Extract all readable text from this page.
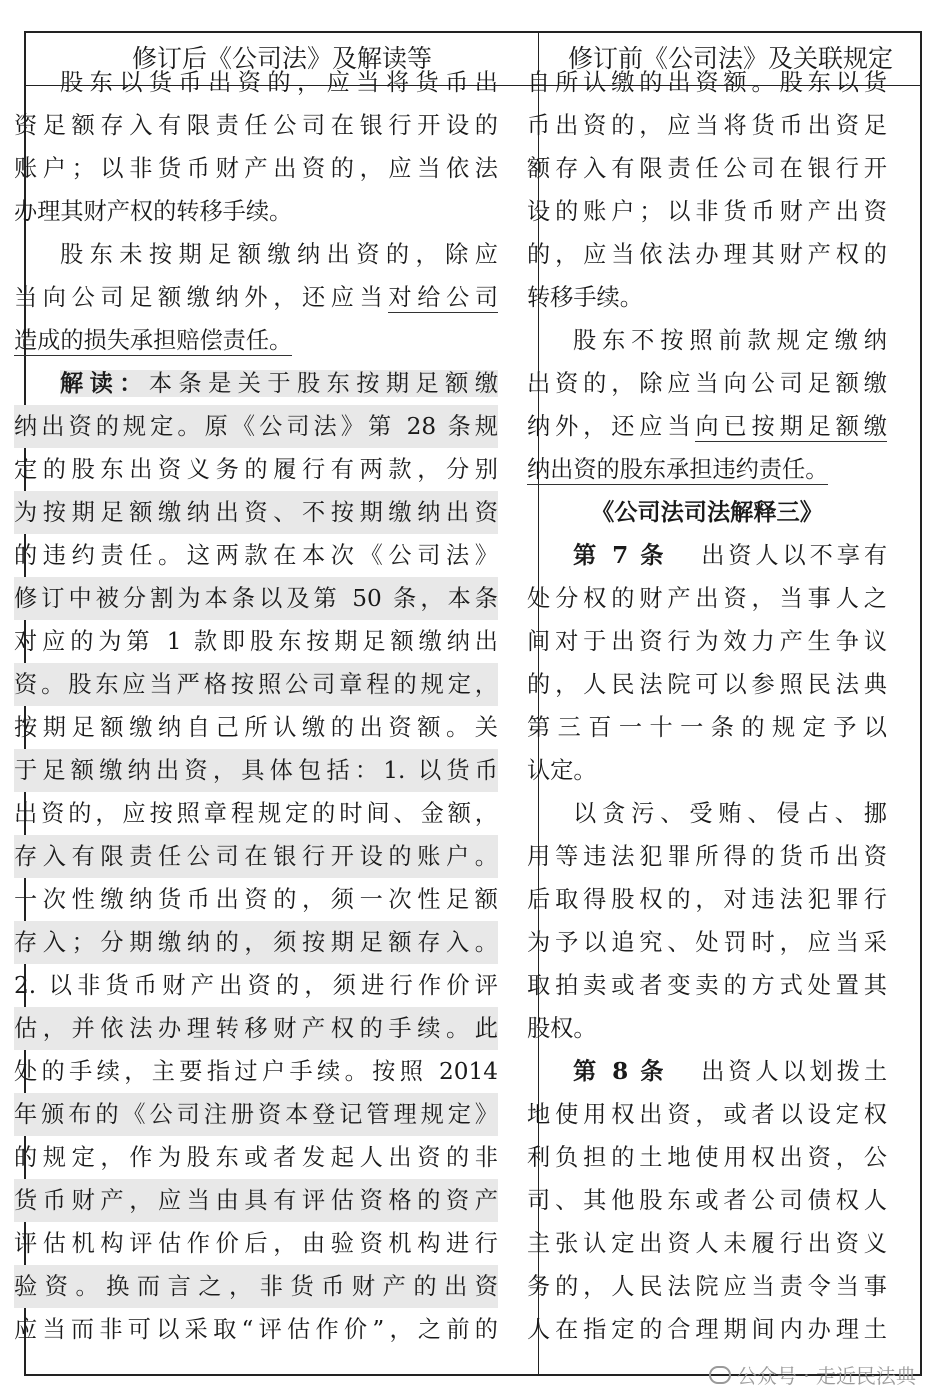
修订后《公司法》及解读等	修订前《公司法》及关联规定
股东以货币出资的，应当将货币出
资足额存入有限责任公司在银行开设的
账户；以非货币财产出资的，应当依法
办理其财产权的转移手续。
股东未按期足额缴纳出资的，除应
当向公司足额缴纳外，还应当对给公司
造成的损失承担赔偿责任。
解读：本条是关于股东按期足额缴
纳出资的规定。原《公司法》第 28 条规
定的股东出资义务的履行有两款，分别
为按期足额缴纳出资、不按期缴纳出资
的违约责任。这两款在本次《公司法》
修订中被分割为本条以及第 50 条，本条
对应的为第 1 款即股东按期足额缴纳出
资。股东应当严格按照公司章程的规定，
按期足额缴纳自己所认缴的出资额。关
于足额缴纳出资，具体包括：1. 以货币
出资的，应按照章程规定的时间、金额，
存入有限责任公司在银行开设的账户。
一次性缴纳货币出资的，须一次性足额
存入；分期缴纳的，须按期足额存入。
2. 以非货币财产出资的，须进行作价评
估，并依法办理转移财产权的手续。此
处的手续，主要指过户手续。按照 2014
年颁布的《公司注册资本登记管理规定》
的规定，作为股东或者发起人出资的非
货币财产，应当由具有评估资格的资产
评估机构评估作价后，由验资机构进行
验资。换而言之，非货币财产的出资
应当而非可以采取“评估作价”，之前的
自所认缴的出资额。股东以货
币出资的，应当将货币出资足
额存入有限责任公司在银行开
设的账户；以非货币财产出资
的，应当依法办理其财产权的
转移手续。
股东不按照前款规定缴纳
出资的，除应当向公司足额缴
纳外，还应当向已按期足额缴
纳出资的股东承担违约责任。
《公司法司法解释三》
第 7 条 出资人以不享有
处分权的财产出资，当事人之
间对于出资行为效力产生争议
的，人民法院可以参照民法典
第三百一十一条的规定予以
认定。
以贪污、受贿、侵占、挪
用等违法犯罪所得的货币出资
后取得股权的，对违法犯罪行
为予以追究、处罚时，应当采
取拍卖或者变卖的方式处置其
股权。
第 8 条 出资人以划拨土
地使用权出资，或者以设定权
利负担的土地使用权出资，公
司、其他股东或者公司债权人
主张认定出资人未履行出资义
务的，人民法院应当责令当事
人在指定的合理期间内办理土
公众号 · 走近民法典
